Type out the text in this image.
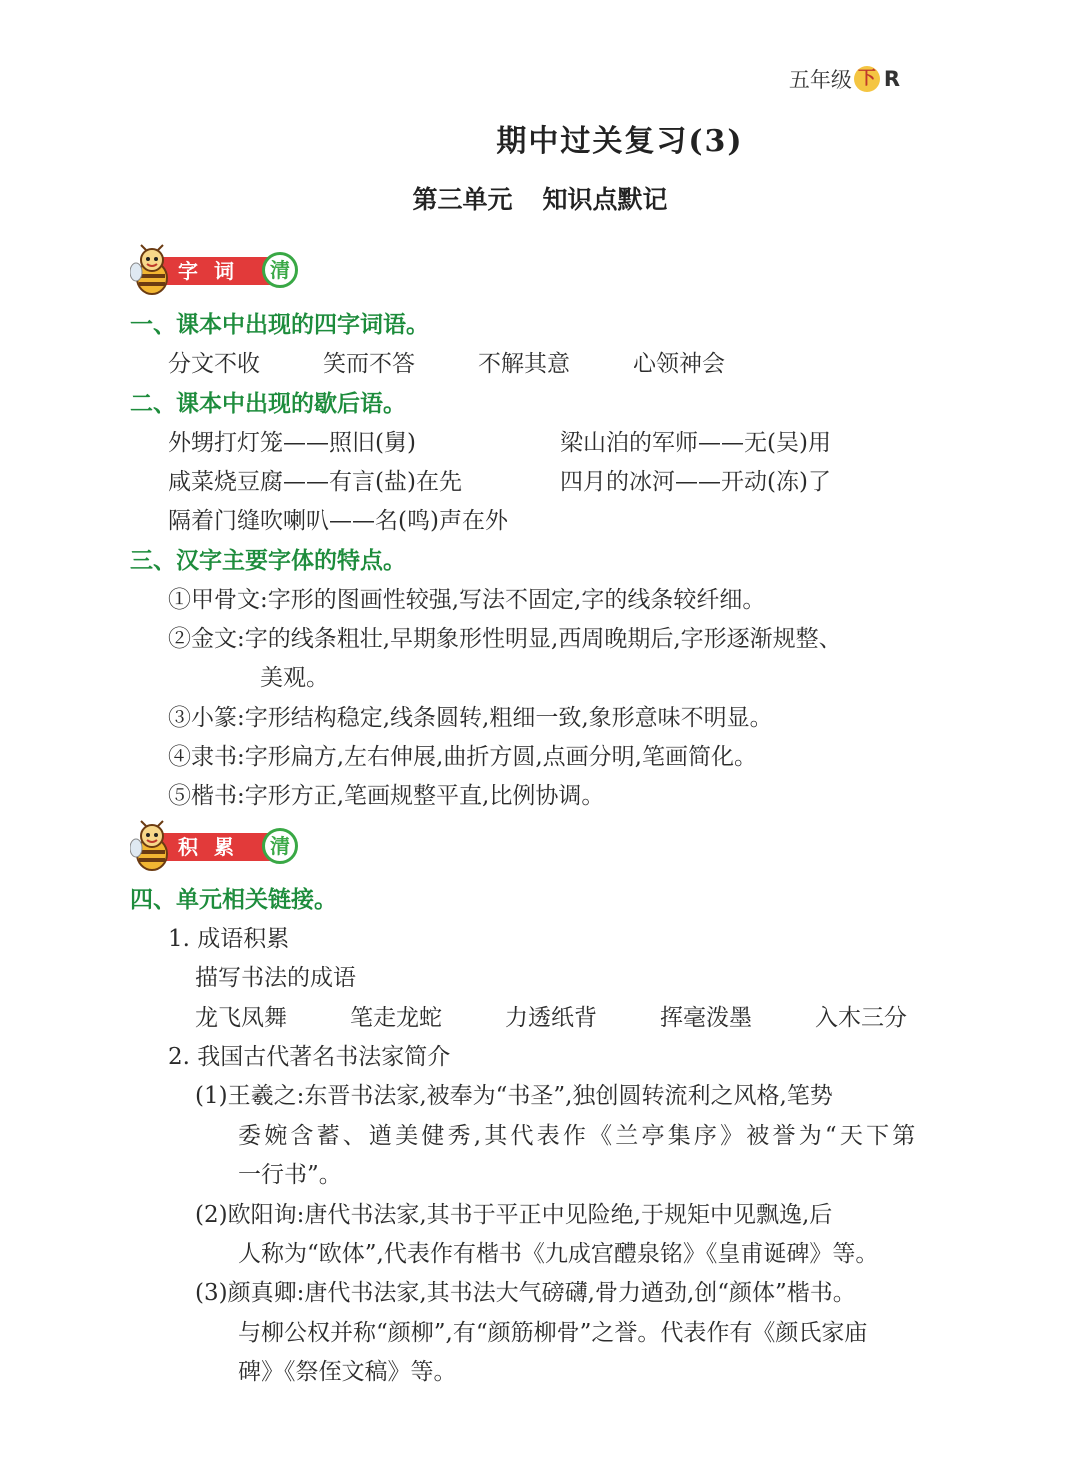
五年级 下 R
期中过关复习(3)
第三单元 知识点默记
字词	清
一、课本中出现的四字词语。
分文不收	笑而不答	不解其意	心领神会
二、课本中出现的歇后语。
外甥打灯笼——照旧(舅)	梁山泊的军师——无(吴)用
咸菜烧豆腐——有言(盐)在先	四月的冰河——开动(冻)了
隔着门缝吹喇叭——名(鸣)声在外
三、汉字主要字体的特点。
①甲骨文:字形的图画性较强,写法不固定,字的线条较纤细。
②金文:字的线条粗壮,早期象形性明显,西周晚期后,字形逐渐规整、
美观。
③小篆:字形结构稳定,线条圆转,粗细一致,象形意味不明显。
④隶书:字形扁方,左右伸展,曲折方圆,点画分明,笔画简化。
⑤楷书:字形方正,笔画规整平直,比例协调。
积累	清
四、单元相关链接。
1. 成语积累
描写书法的成语
龙飞凤舞	笔走龙蛇	力透纸背	挥毫泼墨	入木三分
2. 我国古代著名书法家简介
(1)王羲之:东晋书法家,被奉为“书圣”,独创圆转流利之风格,笔势
委婉含蓄、遒美健秀,其代表作《兰亭集序》被誉为“天下第
一行书”。
(2)欧阳询:唐代书法家,其书于平正中见险绝,于规矩中见飘逸,后
人称为“欧体”,代表作有楷书《九成宫醴泉铭》《皇甫诞碑》等。
(3)颜真卿:唐代书法家,其书法大气磅礴,骨力遒劲,创“颜体”楷书。
与柳公权并称“颜柳”,有“颜筋柳骨”之誉。代表作有《颜氏家庙
碑》《祭侄文稿》等。
